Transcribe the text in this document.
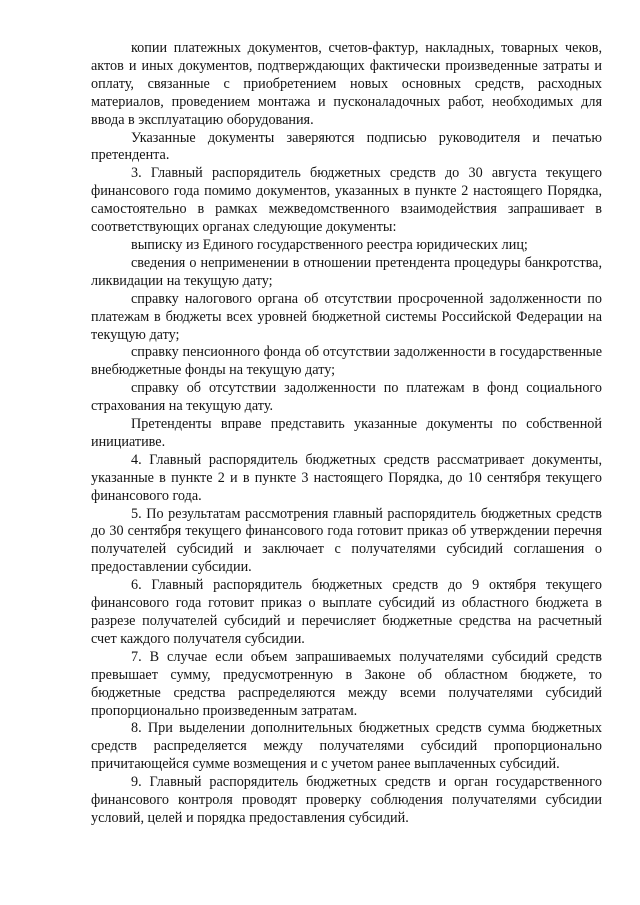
копии платежных документов, счетов-фактур, накладных, товарных чеков, актов и иных документов, подтверждающих фактически произведенные затраты и оплату, связанные с приобретением новых основных средств, расходных материалов, проведением монтажа и пусконаладочных работ, необходимых для ввода в эксплуатацию оборудования.

Указанные документы заверяются подписью руководителя и печатью претендента.

3. Главный распорядитель бюджетных средств до 30 августа текущего финансового года помимо документов, указанных в пункте 2 настоящего Порядка, самостоятельно в рамках межведомственного взаимодействия запрашивает в соответствующих органах следующие документы:

выписку из Единого государственного реестра юридических лиц;

сведения о неприменении в отношении претендента процедуры банкротства, ликвидации на текущую дату;

справку налогового органа об отсутствии просроченной задолженности по платежам в бюджеты всех уровней бюджетной системы Российской Федерации на текущую дату;

справку пенсионного фонда об отсутствии задолженности в государственные внебюджетные фонды на текущую дату;

справку об отсутствии задолженности по платежам в фонд социального страхования на текущую дату.

Претенденты вправе представить указанные документы по собственной инициативе.

4. Главный распорядитель бюджетных средств рассматривает документы, указанные в пункте 2 и в пункте 3 настоящего Порядка, до 10 сентября текущего финансового года.

5. По результатам рассмотрения главный распорядитель бюджетных средств до 30 сентября текущего финансового года готовит приказ об утверждении перечня получателей субсидий и заключает с получателями субсидий соглашения о предоставлении субсидии.

6. Главный распорядитель бюджетных средств до 9 октября текущего финансового года готовит приказ о выплате субсидий из областного бюджета в разрезе получателей субсидий и перечисляет бюджетные средства на расчетный счет каждого получателя субсидии.

7. В случае если объем запрашиваемых получателями субсидий средств превышает сумму, предусмотренную в Законе об областном бюджете, то бюджетные средства распределяются между всеми получателями субсидий пропорционально произведенным затратам.

8. При выделении дополнительных бюджетных средств сумма бюджетных средств распределяется между получателями субсидий пропорционально причитающейся сумме возмещения и с учетом ранее выплаченных субсидий.

9. Главный распорядитель бюджетных средств и орган государственного финансового контроля проводят проверку соблюдения получателями субсидии условий, целей и порядка предоставления субсидий.
